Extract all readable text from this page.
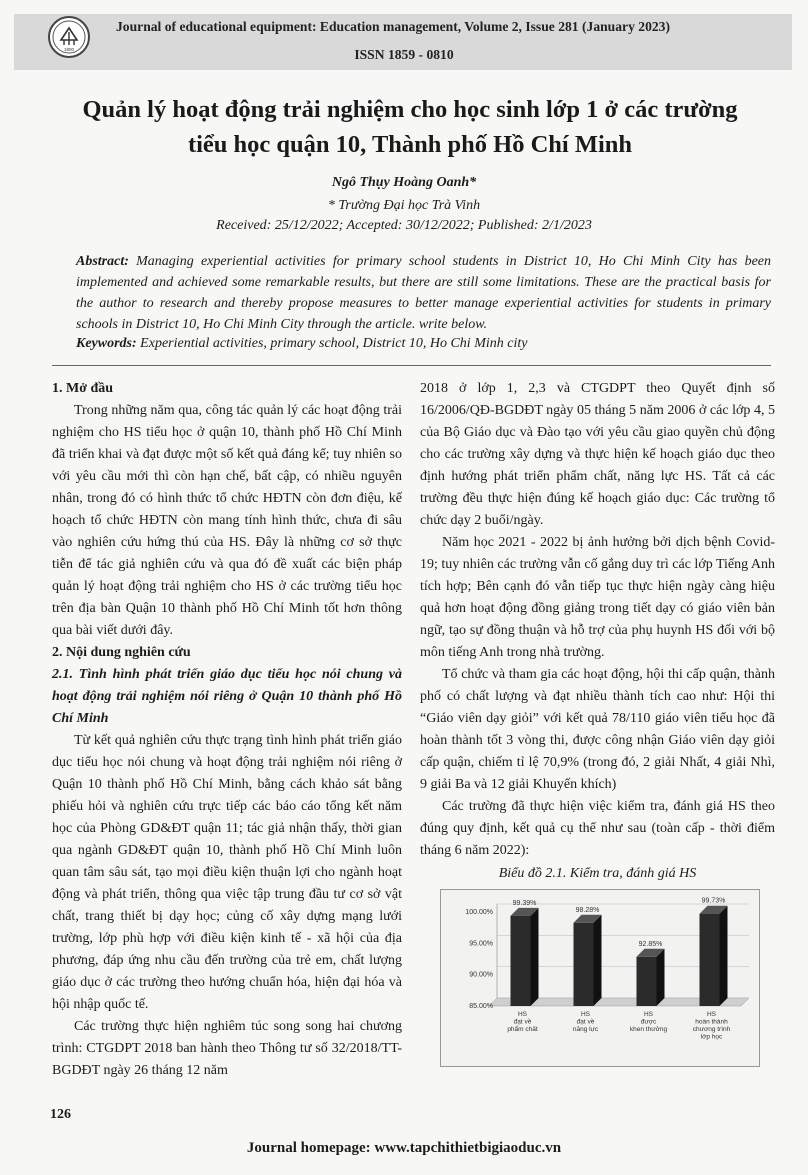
1800
Journal of educational equipment: Education management, Volume 2, Issue 281 (January 2023)
ISSN 1859 - 0810
Quản lý hoạt động trải nghiệm cho học sinh lớp 1 ở các trường tiểu học quận 10, Thành phố Hồ Chí Minh
Ngô Thụy Hoàng Oanh*
* Trường Đại học Trà Vinh
Received: 25/12/2022; Accepted: 30/12/2022; Published: 2/1/2023
Abstract: Managing experiential activities for primary school students in District 10, Ho Chi Minh City has been implemented and achieved some remarkable results, but there are still some limitations. These are the practical basis for the author to research and thereby propose measures to better manage experiential activities for students in primary schools in District 10, Ho Chi Minh City through the article. write below.
Keywords: Experiential activities, primary school, District 10, Ho Chi Minh city

1. Mở đầu

Trong những năm qua, công tác quản lý các hoạt động trải nghiệm cho HS tiểu học ở quận 10, thành phố Hồ Chí Minh đã triển khai và đạt được một số kết quả đáng kể; tuy nhiên so với yêu cầu mới thì còn hạn chế, bất cập, có nhiều nguyên nhân, trong đó có hình thức tổ chức HĐTN còn đơn điệu, kế hoạch tổ chức HĐTN còn mang tính hình thức, chưa đi sâu vào nghiên cứu hứng thú của HS. Đây là những cơ sở thực tiễn để tác giả nghiên cứu và qua đó đề xuất các biện pháp quản lý hoạt động trải nghiệm cho HS ở các trường tiểu học trên địa bàn Quận 10 thành phố Hồ Chí Minh tốt hơn thông qua bài viết dưới đây.

2. Nội dung nghiên cứu

2.1. Tình hình phát triển giáo dục tiểu học nói chung và hoạt động trải nghiệm nói riêng ở Quận 10 thành phố Hồ Chí Minh

Từ kết quả nghiên cứu thực trạng tình hình phát triển giáo dục tiểu học nói chung và hoạt động trải nghiệm nói riêng ở Quận 10 thành phố Hồ Chí Minh, bằng cách khảo sát bằng phiếu hỏi và nghiên cứu trực tiếp các báo cáo tổng kết năm học của Phòng GD&ĐT quận 11; tác giả nhận thấy, thời gian qua ngành GD&ĐT quận 10, thành phố Hồ Chí Minh luôn quan tâm sâu sát, tạo mọi điều kiện thuận lợi cho ngành hoạt động và phát triển, thông qua việc tập trung đầu tư cơ sở vật chất, trang thiết bị dạy học; củng cố xây dựng mạng lưới trường, lớp phù hợp với điều kiện kinh tế - xã hội của địa phương, đáp ứng nhu cầu đến trường của trẻ em, chất lượng giáo dục ở các trường theo hướng chuẩn hóa, hiện đại hóa và hội nhập quốc tế.

Các trường thực hiện nghiêm túc song song hai chương trình: CTGDPT 2018 ban hành theo Thông tư số 32/2018/TT-BGDĐT ngày 26 tháng 12 năm

2018 ở lớp 1, 2,3 và CTGDPT theo Quyết định số 16/2006/QĐ-BGDĐT ngày 05 tháng 5 năm 2006 ở các lớp 4, 5 của Bộ Giáo dục và Đào tạo với yêu cầu giao quyền chủ động cho các trường xây dựng và thực hiện kế hoạch giáo dục theo định hướng phát triển phẩm chất, năng lực HS. Tất cả các trường đều thực hiện đúng kế hoạch giáo dục: Các trường tổ chức dạy 2 buổi/ngày.

Năm học 2021 - 2022 bị ảnh hưởng bởi dịch bệnh Covid-19; tuy nhiên các trường vẫn cố gắng duy trì các lớp Tiếng Anh tích hợp; Bên cạnh đó vẫn tiếp tục thực hiện ngày càng hiệu quả hơn hoạt động đồng giảng trong tiết dạy có giáo viên bản ngữ, tạo sự đồng thuận và hỗ trợ của phụ huynh HS đối với bộ môn tiếng Anh trong nhà trường.

Tổ chức và tham gia các hoạt động, hội thi cấp quận, thành phố có chất lượng và đạt nhiều thành tích cao như: Hội thi “Giáo viên dạy giỏi” với kết quả 78/110 giáo viên tiểu học đã hoàn thành tốt 3 vòng thi, được công nhận Giáo viên dạy giỏi cấp quận, chiếm tỉ lệ 70,9% (trong đó, 2 giải Nhất, 4 giải Nhì, 9 giải Ba và 12 giải Khuyến khích)

Các trường đã thực hiện việc kiểm tra, đánh giá HS theo đúng quy định, kết quả cụ thể như sau (toàn cấp - thời điểm tháng 6 năm 2022):

Biểu đồ 2.1. Kiểm tra, đánh giá HS

100.00%
95.00%
90.00%
85.00%
99.39%
HS
đạt về
phẩm chất
98.28%
HS
đạt về
năng lực
92.85%
HS
được
khen thưởng
99.73%
HS
hoàn thành
chương trình
lớp học
126
Journal homepage: www.tapchithietbigiaoduc.vn
